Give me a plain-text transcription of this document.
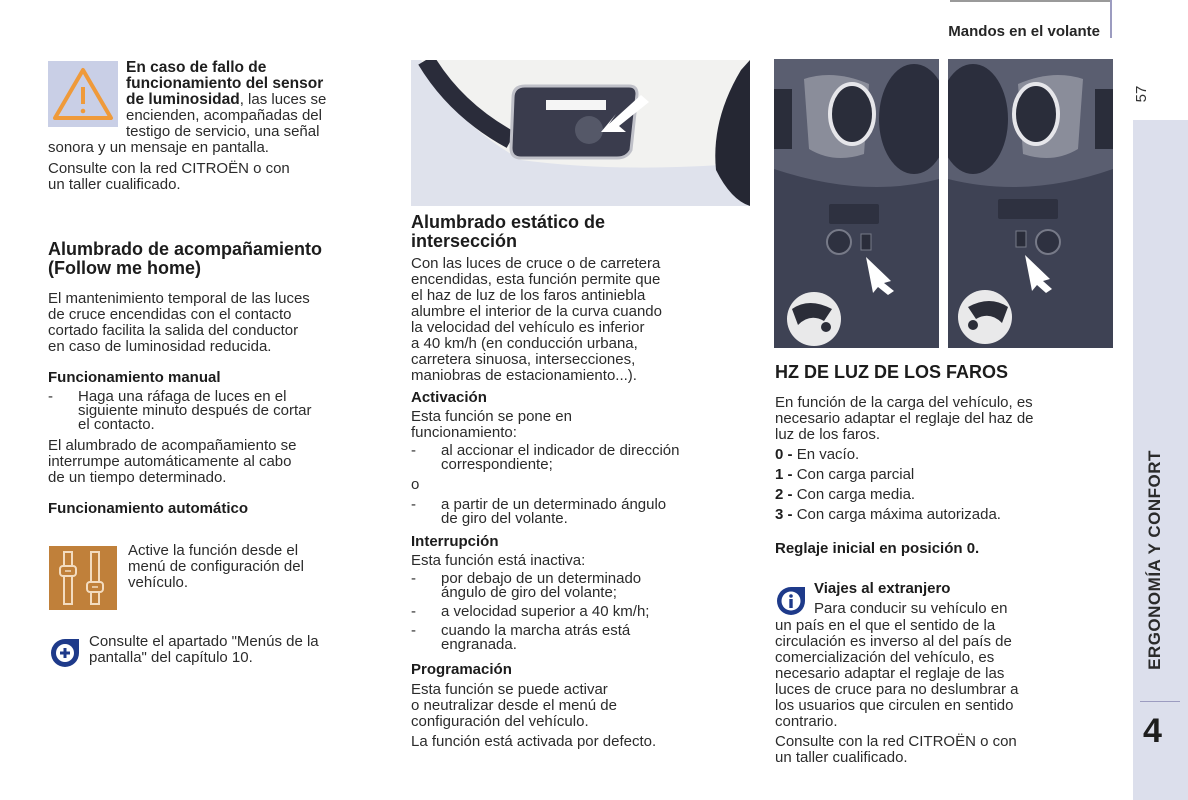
Mandos en el volante
57
ERGONOMÍA Y CONFORT
4
En caso de fallo de
funcionamiento del sensor
de luminosidad, las luces se
encienden, acompañadas del
testigo de servicio, una señal
sonora y un mensaje en pantalla.
Consulte con la red CITROËN o con
un taller cualificado.
Alumbrado de acompañamiento
(Follow me home)
El mantenimiento temporal de las luces
de cruce encendidas con el contacto
cortado facilita la salida del conductor
en caso de luminosidad reducida.
Funcionamiento manual
-	Haga una ráfaga de luces en el
siguiente minuto después de cortar
el contacto.
El alumbrado de acompañamiento se
interrumpe automáticamente al cabo
de un tiempo determinado.
Funcionamiento automático
Active la función desde el
menú de configuración del
vehículo.
Consulte el apartado "Menús de la
pantalla" del capítulo 10.
Alumbrado estático de
intersección
Con las luces de cruce o de carretera
encendidas, esta función permite que
el haz de luz de los faros antiniebla
alumbre el interior de la curva cuando
la velocidad del vehículo es inferior
a 40 km/h (en conducción urbana,
carretera sinuosa, intersecciones,
maniobras de estacionamiento...).
Activación
Esta función se pone en
funcionamiento:
-	al accionar el indicador de dirección
correspondiente;
o
-	a partir de un determinado ángulo
de giro del volante.
Interrupción
Esta función está inactiva:
-	por debajo de un determinado
ángulo de giro del volante;
-	a velocidad superior a 40 km/h;
-	cuando la marcha atrás está
engranada.
Programación
Esta función se puede activar
o neutralizar desde el menú de
configuración del vehículo.
La función está activada por defecto.
HZ DE LUZ DE LOS FAROS
En función de la carga del vehículo, es
necesario adaptar el reglaje del haz de
luz de los faros.
0 - En vacío.
1 - Con carga parcial
2 - Con carga media.
3 - Con carga máxima autorizada.
Reglaje inicial en posición 0.
Viajes al extranjero
Para conducir su vehículo en
un país en el que el sentido de la
circulación es inverso al del país de
comercialización del vehículo, es
necesario adaptar el reglaje de las
luces de cruce para no deslumbrar a
los usuarios que circulen en sentido
contrario.
Consulte con la red CITROËN o con
un taller cualificado.
